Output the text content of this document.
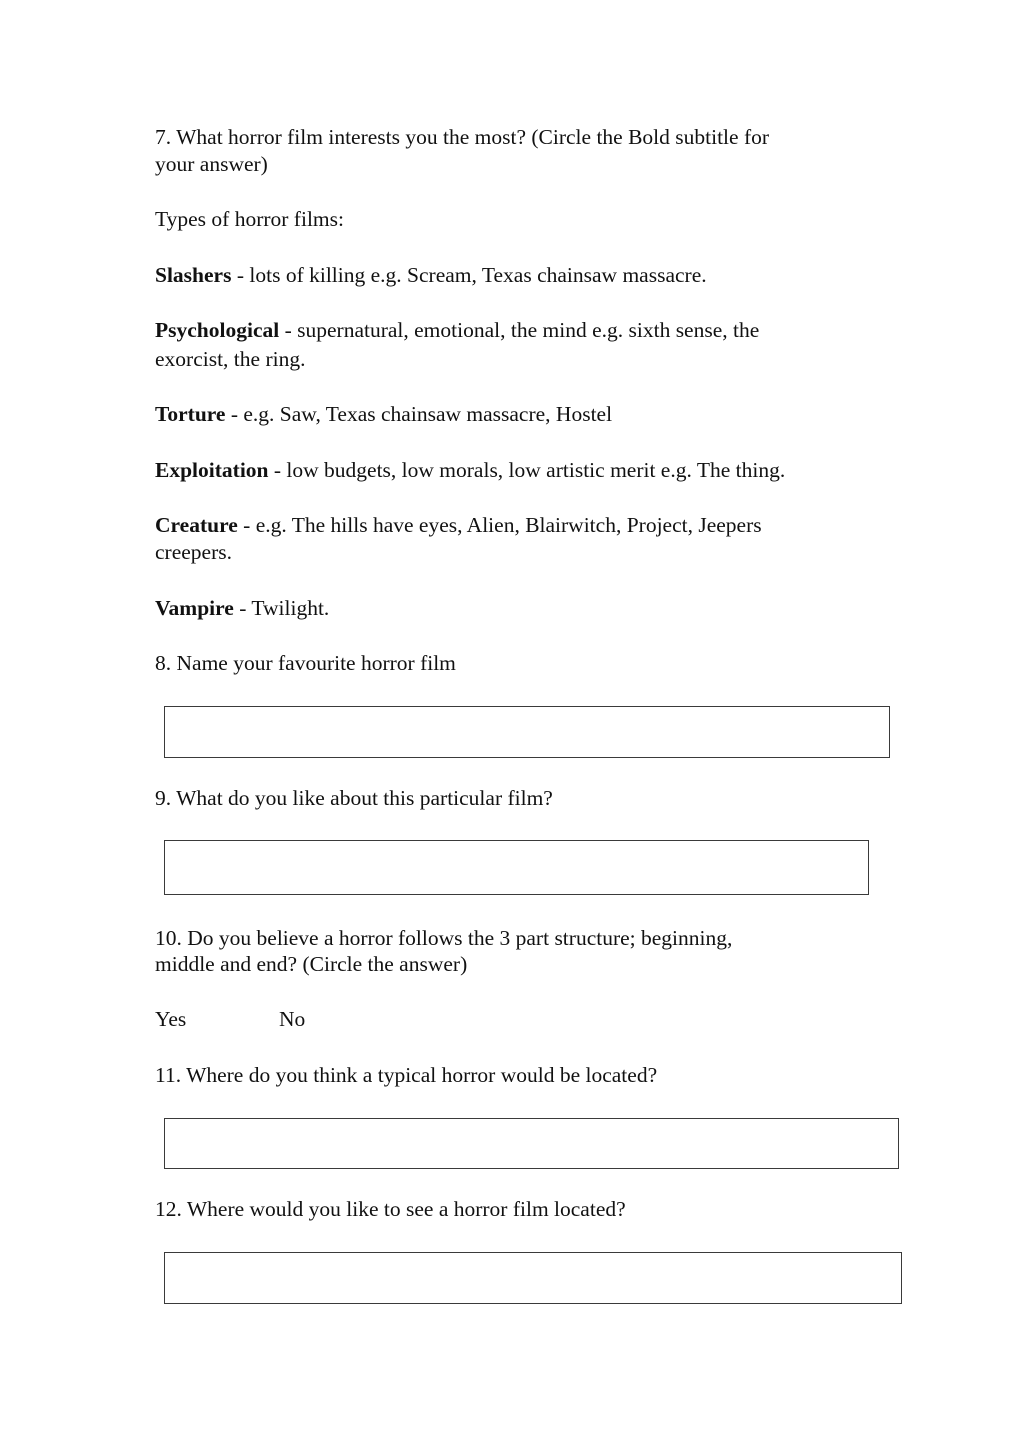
7. What horror film interests you the most? (Circle the Bold subtitle for
your answer)
Types of horror films:
Slashers - lots of killing e.g. Scream, Texas chainsaw massacre.
Psychological - supernatural, emotional, the mind e.g. sixth sense, the
exorcist, the ring.
Torture - e.g. Saw, Texas chainsaw massacre, Hostel
Exploitation - low budgets, low morals, low artistic merit e.g. The thing.
Creature - e.g. The hills have eyes, Alien, Blairwitch, Project, Jeepers
creepers.
Vampire - Twilight.
8. Name your favourite horror film
9. What do you like about this particular film?
10. Do you believe a horror follows the 3 part structure; beginning,
middle and end? (Circle the answer)
Yes	No
11. Where do you think a typical horror would be located?
12. Where would you like to see a horror film located?
